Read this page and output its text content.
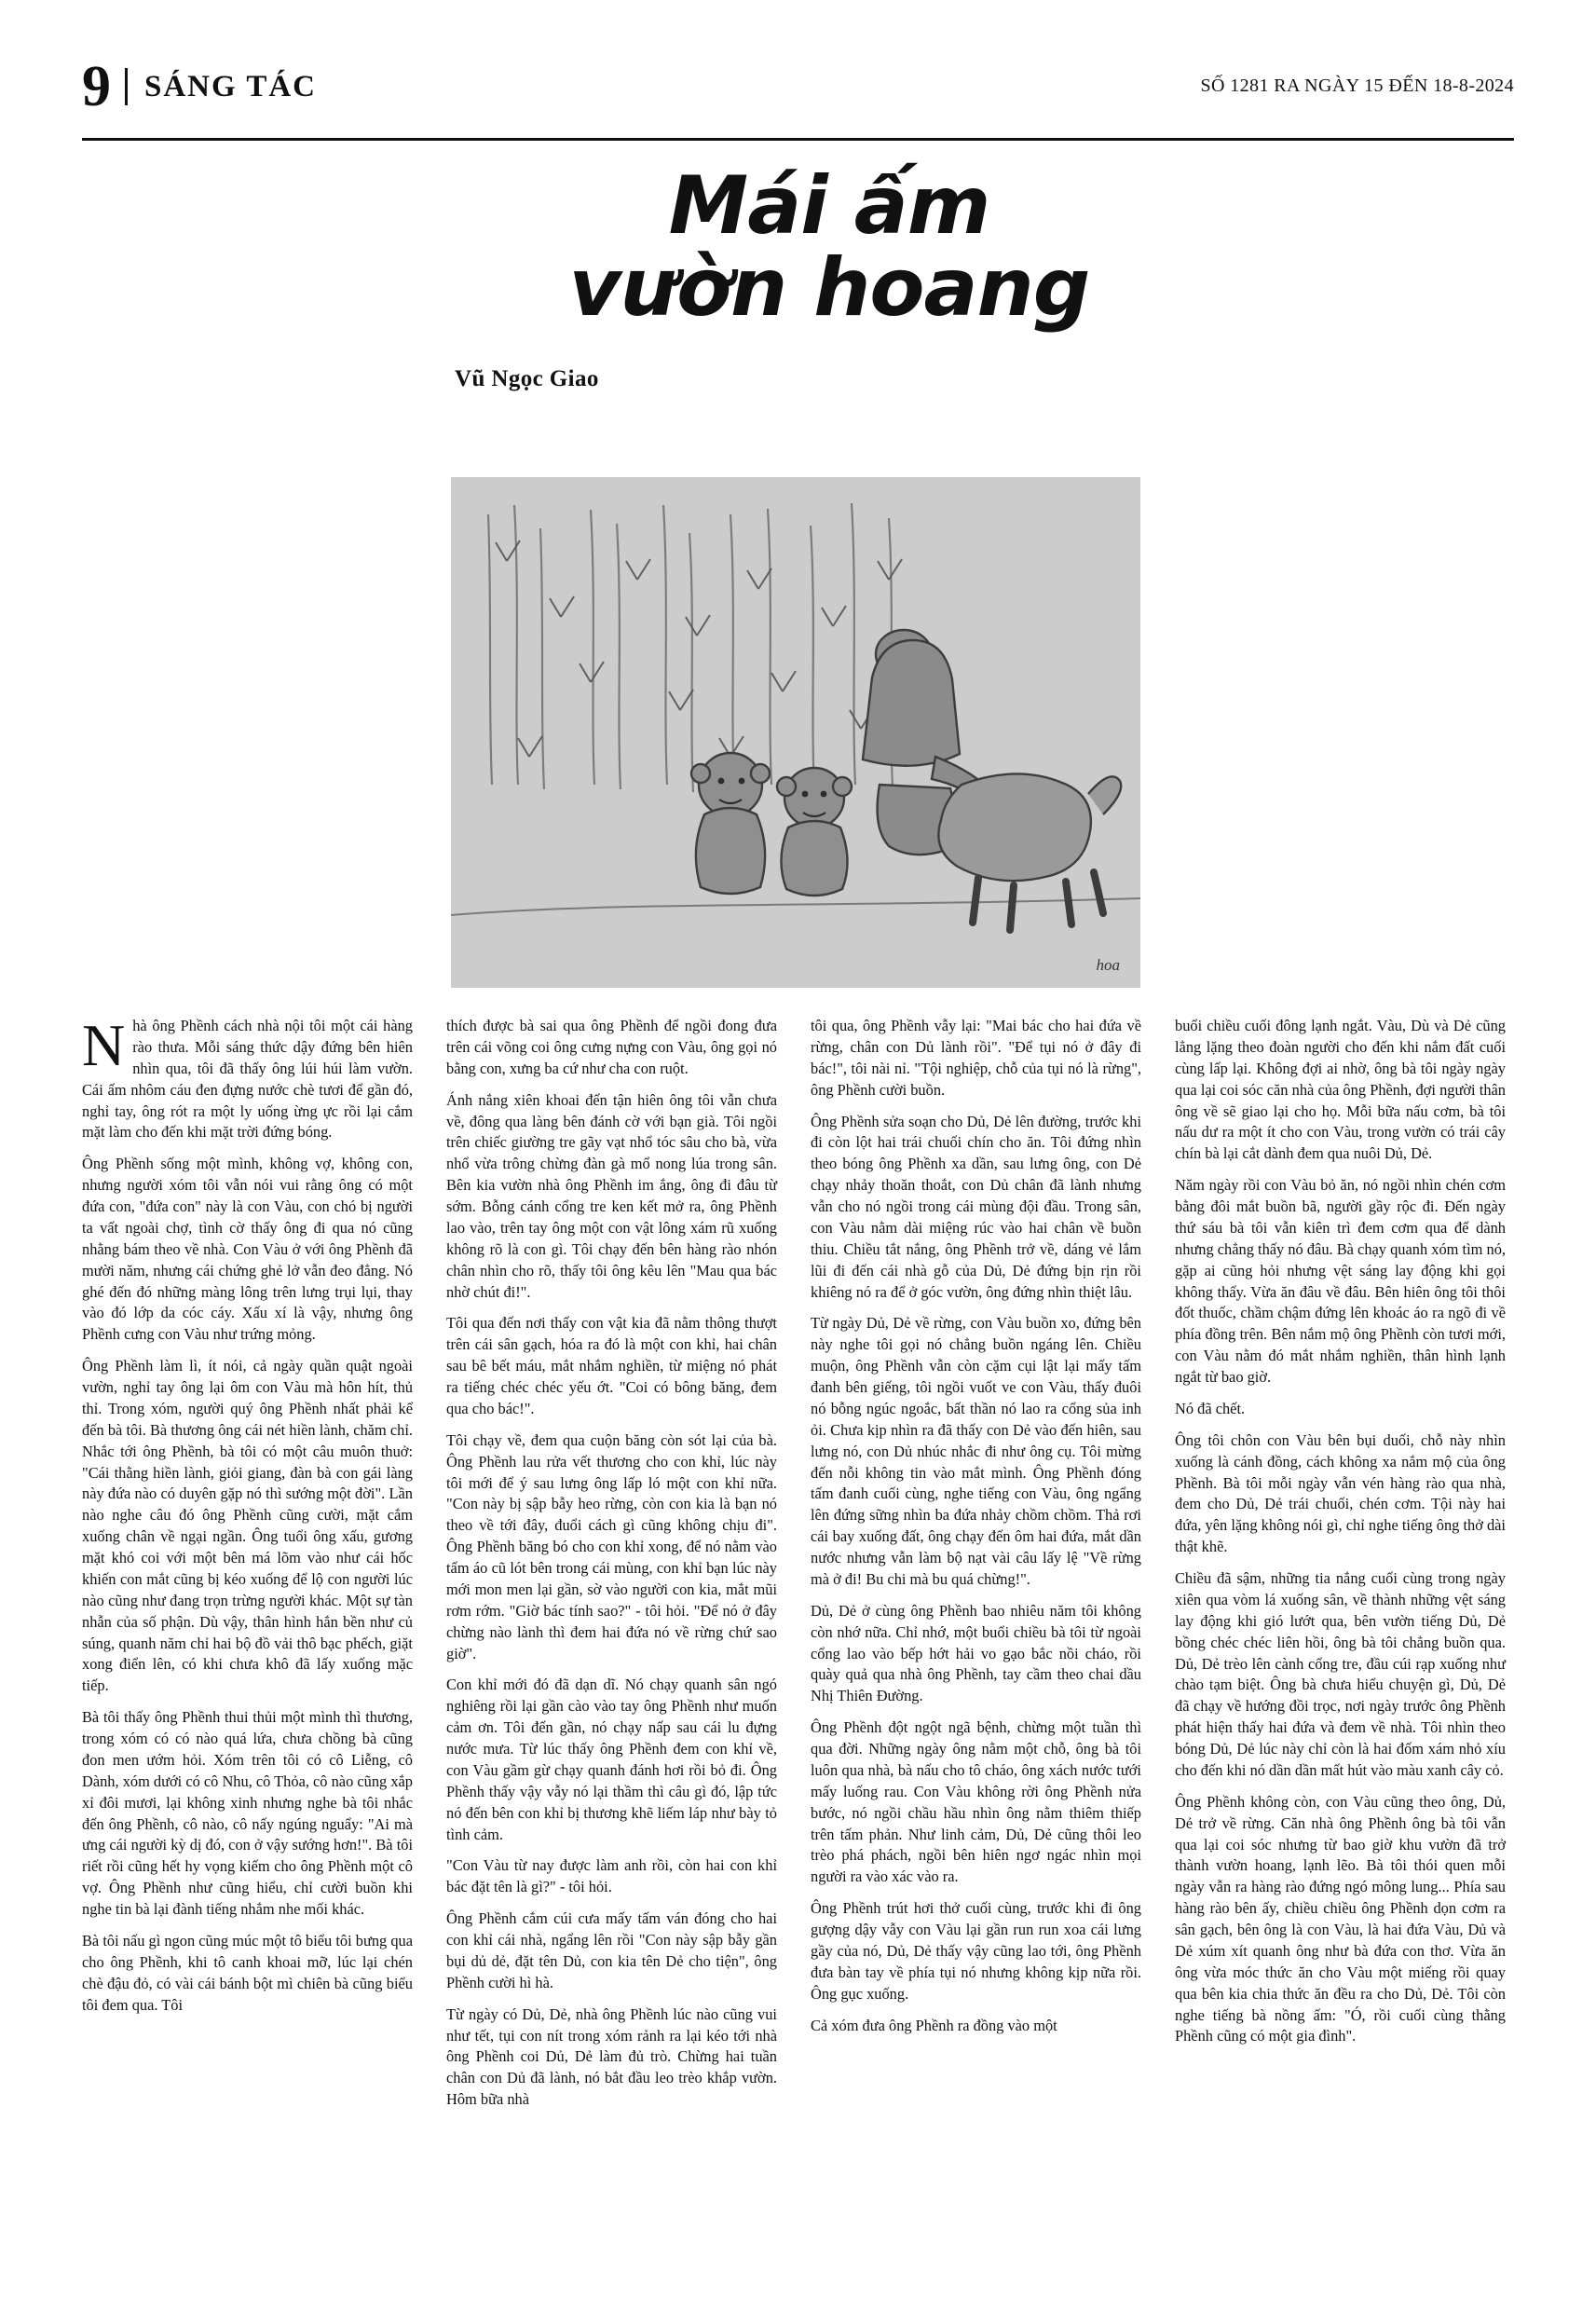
9 SÁNG TÁC	SỐ 1281 RA NGÀY 15 ĐẾN 18-8-2024
Mái ấm
vườn hoang
Vũ Ngọc Giao
hoa

Nhà ông Phềnh cách nhà nội tôi một cái hàng rào thưa. Mỗi sáng thức dậy đứng bên hiên nhìn qua, tôi đã thấy ông lúi húi làm vườn. Cái ấm nhôm cáu đen đựng nước chè tươi để gần đó, nghỉ tay, ông rót ra một ly uống ừng ực rồi lại cắm mặt làm cho đến khi mặt trời đứng bóng.

Ông Phềnh sống một mình, không vợ, không con, nhưng người xóm tôi vẫn nói vui rằng ông có một đứa con, "đứa con" này là con Vàu, con chó bị người ta vất ngoài chợ, tình cờ thấy ông đi qua nó cũng nhằng bám theo về nhà. Con Vàu ở với ông Phềnh đã mười năm, nhưng cái chứng ghẻ lở vẫn đeo đẳng. Nó ghé đến đó những màng lông trên lưng trụi lụi, thay vào đó lớp da cóc cáy. Xấu xí là vậy, nhưng ông Phềnh cưng con Vàu như trứng mỏng.

Ông Phềnh làm lì, ít nói, cả ngày quần quật ngoài vườn, nghỉ tay ông lại ôm con Vàu mà hôn hít, thủ thỉ. Trong xóm, người quý ông Phềnh nhất phải kể đến bà tôi. Bà thương ông cái nét hiền lành, chăm chỉ. Nhắc tới ông Phềnh, bà tôi có một câu muôn thuở: "Cái thằng hiền lành, giỏi giang, đàn bà con gái làng này đứa nào có duyên gặp nó thì sướng một đời". Lần nào nghe câu đó ông Phềnh cũng cười, mặt cắm xuống chân về ngại ngần. Ông tuổi ông xấu, gương mặt khó coi với một bên má lõm vào như cái hốc khiến con mắt cũng bị kéo xuống để lộ con người lúc nào cũng như đang trọn trừng người khác. Một sự tàn nhẫn của số phận. Dù vậy, thân hình hắn bền như củ súng, quanh năm chỉ hai bộ đồ vải thô bạc phếch, giặt xong điển lên, có khi chưa khô đã lấy xuống mặc tiếp.

Bà tôi thấy ông Phềnh thui thủi một mình thì thương, trong xóm có có nào quá lứa, chưa chồng bà cũng đon men ướm hỏi. Xóm trên tôi có cô Liễng, cô Dành, xóm dưới có cô Nhu, cô Thỏa, cô nào cũng xắp xỉ đôi mươi, lại không xinh nhưng nghe bà tôi nhắc đến ông Phềnh, cô nào, cô nấy ngúng nguẩy: "Ai mà ưng cái người kỳ dị đó, con ở vậy sướng hơn!". Bà tôi riết rồi cũng hết hy vọng kiếm cho ông Phềnh một cô vợ. Ông Phềnh như cũng hiểu, chỉ cười buồn khi nghe tin bà lại đành tiếng nhắm nhe mối khác.

Bà tôi nấu gì ngon cũng múc một tô biểu tôi bưng qua cho ông Phềnh, khi tô canh khoai mỡ, lúc lại chén chè đậu đỏ, có vài cái bánh bột mì chiên bà cũng biểu tôi đem qua. Tôi

thích được bà sai qua ông Phềnh để ngồi đong đưa trên cái võng coi ông cưng nựng con Vàu, ông gọi nó bằng con, xưng ba cứ như cha con ruột.

Ánh nắng xiên khoai đến tận hiên ông tôi vẫn chưa về, đông qua làng bên đánh cờ với bạn già. Tôi ngồi trên chiếc giường tre gãy vạt nhổ tóc sâu cho bà, vừa nhổ vừa trông chừng đàn gà mổ nong lúa trong sân. Bên kia vườn nhà ông Phềnh im ắng, ông đi đâu từ sớm. Bỗng cánh cổng tre ken kết mở ra, ông Phềnh lao vào, trên tay ông một con vật lông xám rũ xuống không rõ là con gì. Tôi chạy đến bên hàng rào nhón chân nhìn cho rõ, thấy tôi ông kêu lên "Mau qua bác nhờ chút đi!".

Tôi qua đến nơi thấy con vật kia đã nằm thông thượt trên cái sân gạch, hóa ra đó là một con khỉ, hai chân sau bê bết máu, mắt nhắm nghiền, từ miệng nó phát ra tiếng chéc chéc yếu ớt. "Coi có bông băng, đem qua cho bác!".

Tôi chạy về, đem qua cuộn băng còn sót lại của bà. Ông Phềnh lau rửa vết thương cho con khỉ, lúc này tôi mới để ý sau lưng ông lấp ló một con khỉ nữa. "Con này bị sập bẫy heo rừng, còn con kia là bạn nó theo về tới đây, đuổi cách gì cũng không chịu đi". Ông Phềnh băng bó cho con khỉ xong, để nó nằm vào tấm áo cũ lót bên trong cái mùng, con khỉ bạn lúc này mới mon men lại gần, sờ vào người con kia, mắt mũi rơm rớm. "Giờ bác tính sao?" - tôi hỏi. "Để nó ở đây chừng nào lành thì đem hai đứa nó về rừng chứ sao giờ".

Con khỉ mới đó đã dạn dĩ. Nó chạy quanh sân ngó nghiêng rồi lại gần cào vào tay ông Phềnh như muốn cảm ơn. Tôi đến gần, nó chạy nấp sau cái lu đựng nước mưa. Từ lúc thấy ông Phềnh đem con khỉ về, con Vàu gầm gừ chạy quanh đánh hơi rồi bỏ đi. Ông Phềnh thấy vậy vẫy nó lại thầm thì câu gì đó, lập tức nó đến bên con khỉ bị thương khẽ liếm láp như bày tỏ tình cảm.

"Con Vàu từ nay được làm anh rồi, còn hai con khỉ bác đặt tên là gì?" - tôi hỏi.

Ông Phềnh cắm cúi cưa mấy tấm ván đóng cho hai con khỉ cái nhà, ngẩng lên rồi "Con này sập bẫy gần bụi dủ dẻ, đặt tên Dủ, con kia tên Dẻ cho tiện", ông Phềnh cười hì hà.

Từ ngày có Dủ, Dẻ, nhà ông Phềnh lúc nào cũng vui như tết, tụi con nít trong xóm rảnh ra lại kéo tới nhà ông Phềnh coi Dủ, Dẻ làm đủ trò. Chừng hai tuần chân con Dủ đã lành, nó bắt đầu leo trèo khắp vườn. Hôm bữa nhà

tôi qua, ông Phềnh vẫy lại: "Mai bác cho hai đứa về rừng, chân con Dủ lành rồi". "Để tụi nó ở đây đi bác!", tôi nài nỉ. "Tội nghiệp, chỗ của tụi nó là rừng", ông Phềnh cười buồn.

Ông Phềnh sửa soạn cho Dủ, Dẻ lên đường, trước khi đi còn lột hai trái chuối chín cho ăn. Tôi đứng nhìn theo bóng ông Phềnh xa dần, sau lưng ông, con Dẻ chạy nhảy thoăn thoắt, con Dủ chân đã lành nhưng vẫn cho nó ngồi trong cái mùng đội đầu. Trong sân, con Vàu nằm dài miệng rúc vào hai chân về buồn thiu. Chiều tắt nắng, ông Phềnh trở về, dáng vẻ lắm lũi đi đến cái nhà gỗ của Dủ, Dẻ đứng bịn rịn rồi khiêng nó ra để ở góc vườn, ông đứng nhìn thiệt lâu.

Từ ngày Dủ, Dẻ về rừng, con Vàu buồn xo, đứng bên này nghe tôi gọi nó chẳng buồn ngáng lên. Chiều muộn, ông Phềnh vẫn còn cặm cụi lật lại mấy tấm đanh bên giếng, tôi ngồi vuốt ve con Vàu, thấy đuôi nó bỗng ngúc ngoắc, bất thần nó lao ra cổng sủa inh ỏi. Chưa kịp nhìn ra đã thấy con Dẻ vào đến hiên, sau lưng nó, con Dủ nhúc nhắc đi như ông cụ. Tôi mừng đến nỗi không tin vào mắt mình. Ông Phềnh đóng tấm đanh cuối cùng, nghe tiếng con Vàu, ông ngẩng lên đứng sững nhìn ba đứa nhảy chồm chồm. Thả rơi cái bay xuống đất, ông chạy đến ôm hai đứa, mắt dần nước nhưng vẫn làm bộ nạt vài câu lấy lệ "Về rừng mà ở đi! Bu chi mà bu quá chừng!".

Dủ, Dẻ ở cùng ông Phềnh bao nhiêu năm tôi không còn nhớ nữa. Chỉ nhớ, một buổi chiều bà tôi từ ngoài cổng lao vào bếp hớt hải vo gạo bắc nồi cháo, rồi quày quả qua nhà ông Phềnh, tay cầm theo chai dầu Nhị Thiên Đường.

Ông Phềnh đột ngột ngã bệnh, chừng một tuần thì qua đời. Những ngày ông nằm một chỗ, ông bà tôi luôn qua nhà, bà nấu cho tô cháo, ông xách nước tưới mấy luống rau. Con Vàu không rời ông Phềnh nửa bước, nó ngồi chầu hầu nhìn ông nằm thiêm thiếp trên tấm phản. Như linh cảm, Dủ, Dẻ cũng thôi leo trèo phá phách, ngồi bên hiên ngơ ngác nhìn mọi người ra vào xác vào ra.

Ông Phềnh trút hơi thở cuối cùng, trước khi đi ông gượng dậy vẫy con Vàu lại gần run run xoa cái lưng gầy của nó, Dủ, Dẻ thấy vậy cũng lao tới, ông Phềnh đưa bàn tay về phía tụi nó nhưng không kịp nữa rồi. Ông gục xuống.

Cả xóm đưa ông Phềnh ra đồng vào một

buổi chiều cuối đông lạnh ngắt. Vàu, Dù và Dẻ cũng lẳng lặng theo đoàn người cho đến khi nắm đất cuối cùng lấp lại. Không đợi ai nhờ, ông bà tôi ngày ngày qua lại coi sóc căn nhà của ông Phềnh, đợi người thân ông về sẽ giao lại cho họ. Mỗi bữa nấu cơm, bà tôi nấu dư ra một ít cho con Vàu, trong vườn có trái cây chín bà lại cắt dành đem qua nuôi Dủ, Dẻ.

Năm ngày rồi con Vàu bỏ ăn, nó ngồi nhìn chén cơm bằng đôi mắt buồn bã, người gầy rộc đi. Đến ngày thứ sáu bà tôi vẫn kiên trì đem cơm qua để dành nhưng chẳng thấy nó đâu. Bà chạy quanh xóm tìm nó, gặp ai cũng hỏi nhưng vệt sáng lay động khi gọi không thấy. Vừa ăn đâu về đâu. Bên hiên ông tôi thôi đốt thuốc, chầm chậm đứng lên khoác áo ra ngõ đi về phía đồng trên. Bên nắm mộ ông Phềnh còn tươi mới, con Vàu nằm đó mắt nhắm nghiền, thân hình lạnh ngắt từ bao giờ.

Nó đã chết.

Ông tôi chôn con Vàu bên bụi duối, chỗ này nhìn xuống là cánh đồng, cách không xa nắm mộ của ông Phềnh. Bà tôi mỗi ngày vẫn vén hàng rào qua nhà, đem cho Dủ, Dẻ trái chuối, chén cơm. Tội này hai đứa, yên lặng không nói gì, chỉ nghe tiếng ông thở dài thật khẽ.

Chiều đã sậm, những tia nắng cuối cùng trong ngày xiên qua vòm lá xuống sân, về thành những vệt sáng lay động khi gió lướt qua, bên vườn tiếng Dủ, Dẻ bồng chéc chéc liên hồi, ông bà tôi chẳng buồn qua. Dủ, Dẻ trèo lên cành cổng tre, đầu cúi rạp xuống như chào tạm biệt. Ông bà chưa hiểu chuyện gì, Dủ, Dẻ đã chạy về hướng đồi trọc, nơi ngày trước ông Phềnh phát hiện thấy hai đứa và đem về nhà. Tôi nhìn theo bóng Dủ, Dẻ lúc này chỉ còn là hai đốm xám nhỏ xíu cho đến khi nó dần dần mất hút vào màu xanh cây cỏ.

Ông Phềnh không còn, con Vàu cũng theo ông, Dủ, Dẻ trở về rừng. Căn nhà ông Phềnh ông bà tôi vẫn qua lại coi sóc nhưng từ bao giờ khu vườn đã trở thành vườn hoang, lạnh lẽo. Bà tôi thói quen mỗi ngày vẫn ra hàng rào đứng ngó mông lung... Phía sau hàng rào bên ấy, chiều chiều ông Phềnh dọn cơm ra sân gạch, bên ông là con Vàu, là hai đứa Vàu, Dủ và Dẻ xúm xít quanh ông như bà đứa con thơ. Vừa ăn ông vừa móc thức ăn cho Vàu một miếng rồi quay qua bên kia chia thức ăn đều ra cho Dủ, Dẻ. Tôi còn nghe tiếng bà nồng ấm: "Ó, rồi cuối cùng thằng Phềnh cũng có một gia đình".
